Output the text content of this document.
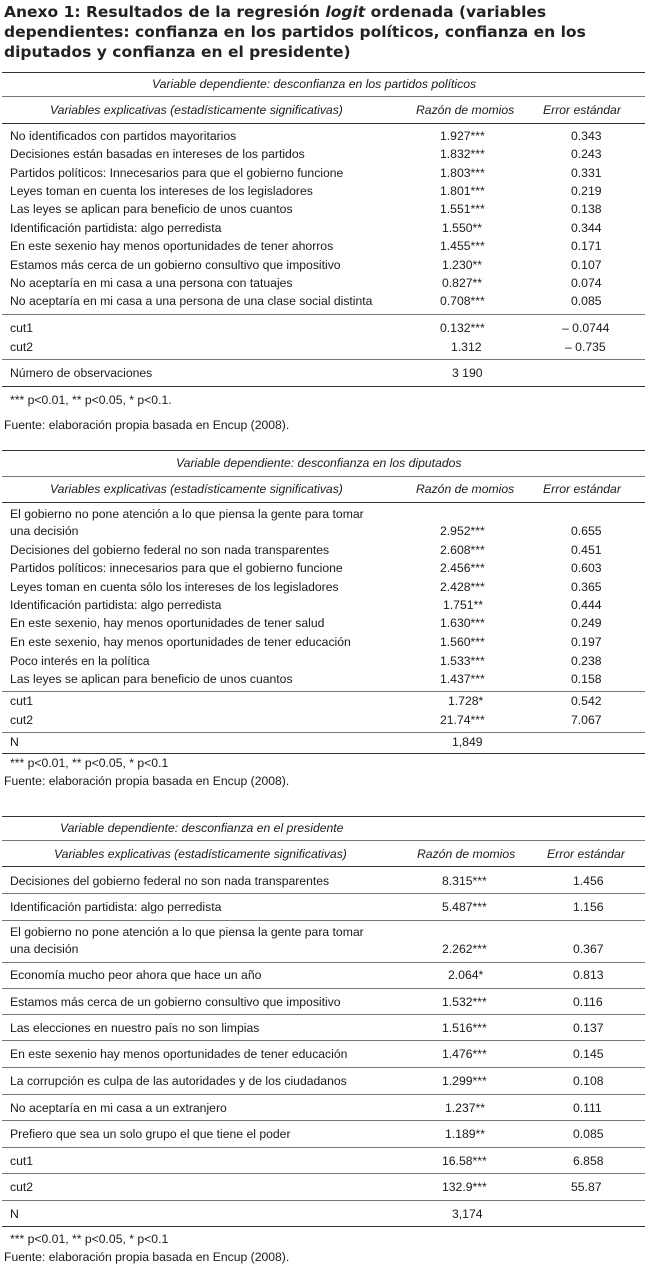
Anexo 1: Resultados de la regresión logit ordenada (variables dependientes: confianza en los partidos políticos, confianza en los diputados y confianza en el presidente)
Variable dependiente: desconfianza en los partidos políticos
Variables explicativas (estadísticamente significativas)	Razón de momios Error estándar
No identificados con partidos mayoritarios	1.927***	0.343
Decisiones están basadas en intereses de los partidos	1.832***	0.243
Partidos políticos: Innecesarios para que el gobierno funcione	1.803***	0.331
Leyes toman en cuenta los intereses de los legisladores	1.801***	0.219
Las leyes se aplican para beneficio de unos cuantos	1.551***	0.138
Identificación partidista: algo perredista	1.550**	0.344
En este sexenio hay menos oportunidades de tener ahorros	1.455***	0.171
Estamos más cerca de un gobierno consultivo que impositivo	1.230**	0.107
No aceptaría en mi casa a una persona con tatuajes	0.827**	0.074
No aceptaría en mi casa a una persona de una clase social distinta	0.708***	0.085
cut1	0.132***	– 0.0744
cut2	1.312	– 0.735
Número de observaciones	3 190
*** p<0.01, ** p<0.05, * p<0.1.
Fuente: elaboración propia basada en Encup (2008).
Variable dependiente: desconfianza en los diputados
Variables explicativas (estadísticamente significativas)	Razón de momios Error estándar
El gobierno no pone atención a lo que piensa la gente para tomar
una decisión	2.952***	0.655
Decisiones del gobierno federal no son nada transparentes	2.608***	0.451
Partidos políticos: innecesarios para que el gobierno funcione	2.456***	0.603
Leyes toman en cuenta sólo los intereses de los legisladores	2.428***	0.365
Identificación partidista: algo perredista	1.751**	0.444
En este sexenio, hay menos oportunidades de tener salud	1.630***	0.249
En este sexenio, hay menos oportunidades de tener educación	1.560***	0.197
Poco interés en la política	1.533***	0.238
Las leyes se aplican para beneficio de unos cuantos	1.437***	0.158
cut1	1.728*	0.542
cut2	21.74***	7.067
N	1,849
*** p<0.01, ** p<0.05, * p<0.1
Fuente: elaboración propia basada en Encup (2008).
Variable dependiente: desconfianza en el presidente
Variables explicativas (estadísticamente significativas)	Razón de momios	Error estándar
Decisiones del gobierno federal no son nada transparentes	8.315***	1.456
Identificación partidista: algo perredista	5.487***	1.156
El gobierno no pone atención a lo que piensa la gente para tomar
una decisión	2.262***	0.367
Economía mucho peor ahora que hace un año	2.064*	0.813
Estamos más cerca de un gobierno consultivo que impositivo	1.532***	0.116
Las elecciones en nuestro país no son limpias	1.516***	0.137
En este sexenio hay menos oportunidades de tener educación	1.476***	0.145
La corrupción es culpa de las autoridades y de los ciudadanos	1.299***	0.108
No aceptaría en mi casa a un extranjero	1.237**	0.111
Prefiero que sea un solo grupo el que tiene el poder	1.189**	0.085
cut1	16.58***	6.858
cut2	132.9***	55.87
N	3,174
*** p<0.01, ** p<0.05, * p<0.1
Fuente: elaboración propia basada en Encup (2008).
